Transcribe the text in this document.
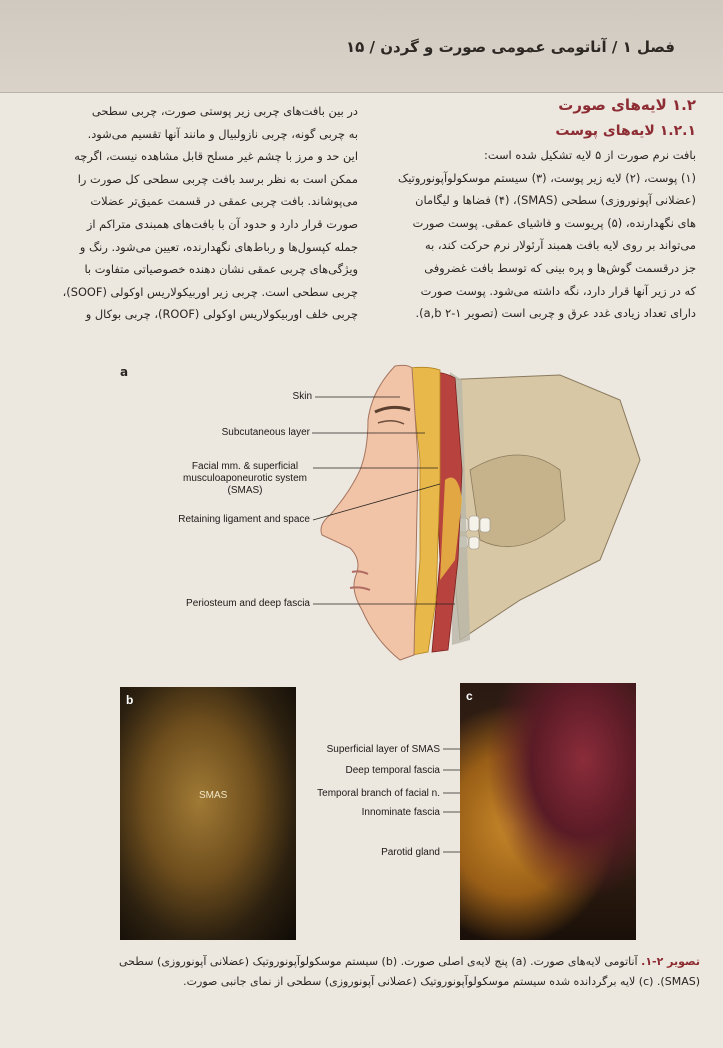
فصل ۱ / آناتومی عمومی صورت و گردن / ۱۵
۱.۲ لایه‌های صورت
۱.۲.۱ لایه‌های پوست
بافت نرم صورت از ۵ لایه تشکیل شده است:
(۱) پوست، (۲) لایه زیر پوست، (۳) سیستم موسکولوآپونوروتیک
(عضلانی آپونوروزی) سطحی (SMAS)، (۴) فضاها و لیگامان
های نگهدارنده، (۵) پریوست و فاشیای عمقی. پوست صورت
می‌تواند بر روی لایه بافت همبند آرئولار نرم حرکت کند، به
جز درقسمت گوش‌ها و پره بینی که توسط بافت غضروفی
که در زیر آنها قرار دارد، نگه داشته می‌شود. پوست صورت
دارای تعداد زیادی غدد عرق و چربی است (تصویر a,b ۲-۱).
در بین بافت‌های چربی زیر پوستی صورت، چربی سطحی
به چربی گونه، چربی نازولبیال و مانند آنها تقسیم می‌شود.
این حد و مرز با چشم غیر مسلح قابل مشاهده نیست، اگرچه
ممکن است به نظر برسد بافت چربی سطحی کل صورت را
می‌پوشاند. بافت چربی عمقی در قسمت عمیق‌تر عضلات
صورت قرار دارد و حدود آن با بافت‌های همبندی متراکم از
جمله کپسول‌ها و رباط‌های نگهدارنده، تعیین می‌شود. رنگ و
ویژگی‌های چربی عمقی نشان دهنده خصوصیاتی متفاوت با
چربی سطحی است. چربی زیر اوربیکولاریس اوکولی (SOOF)،
چربی خلف اوربیکولاریس اوکولی (ROOF)، چربی بوکال و
a
Skin
Subcutaneous layer
Facial mm. & superficial musculoaponeurotic system (SMAS)
Retaining ligament and space
Periosteum and deep fascia
b
SMAS
c
Superficial layer of SMAS
Deep temporal fascia
Temporal branch of facial n.
Innominate fascia
Parotid gland
تصویر ۲-۱. آناتومی لایه‌های صورت. (a) پنج لایه‌ی اصلی صورت. (b) سیستم موسکولوآپونوروتیک (عضلانی آپونوروزی) سطحی
(SMAS). (c) لایه برگردانده شده سیستم موسکولوآپونوروتیک (عضلانی آپونوروزی) سطحی از نمای جانبی صورت.
